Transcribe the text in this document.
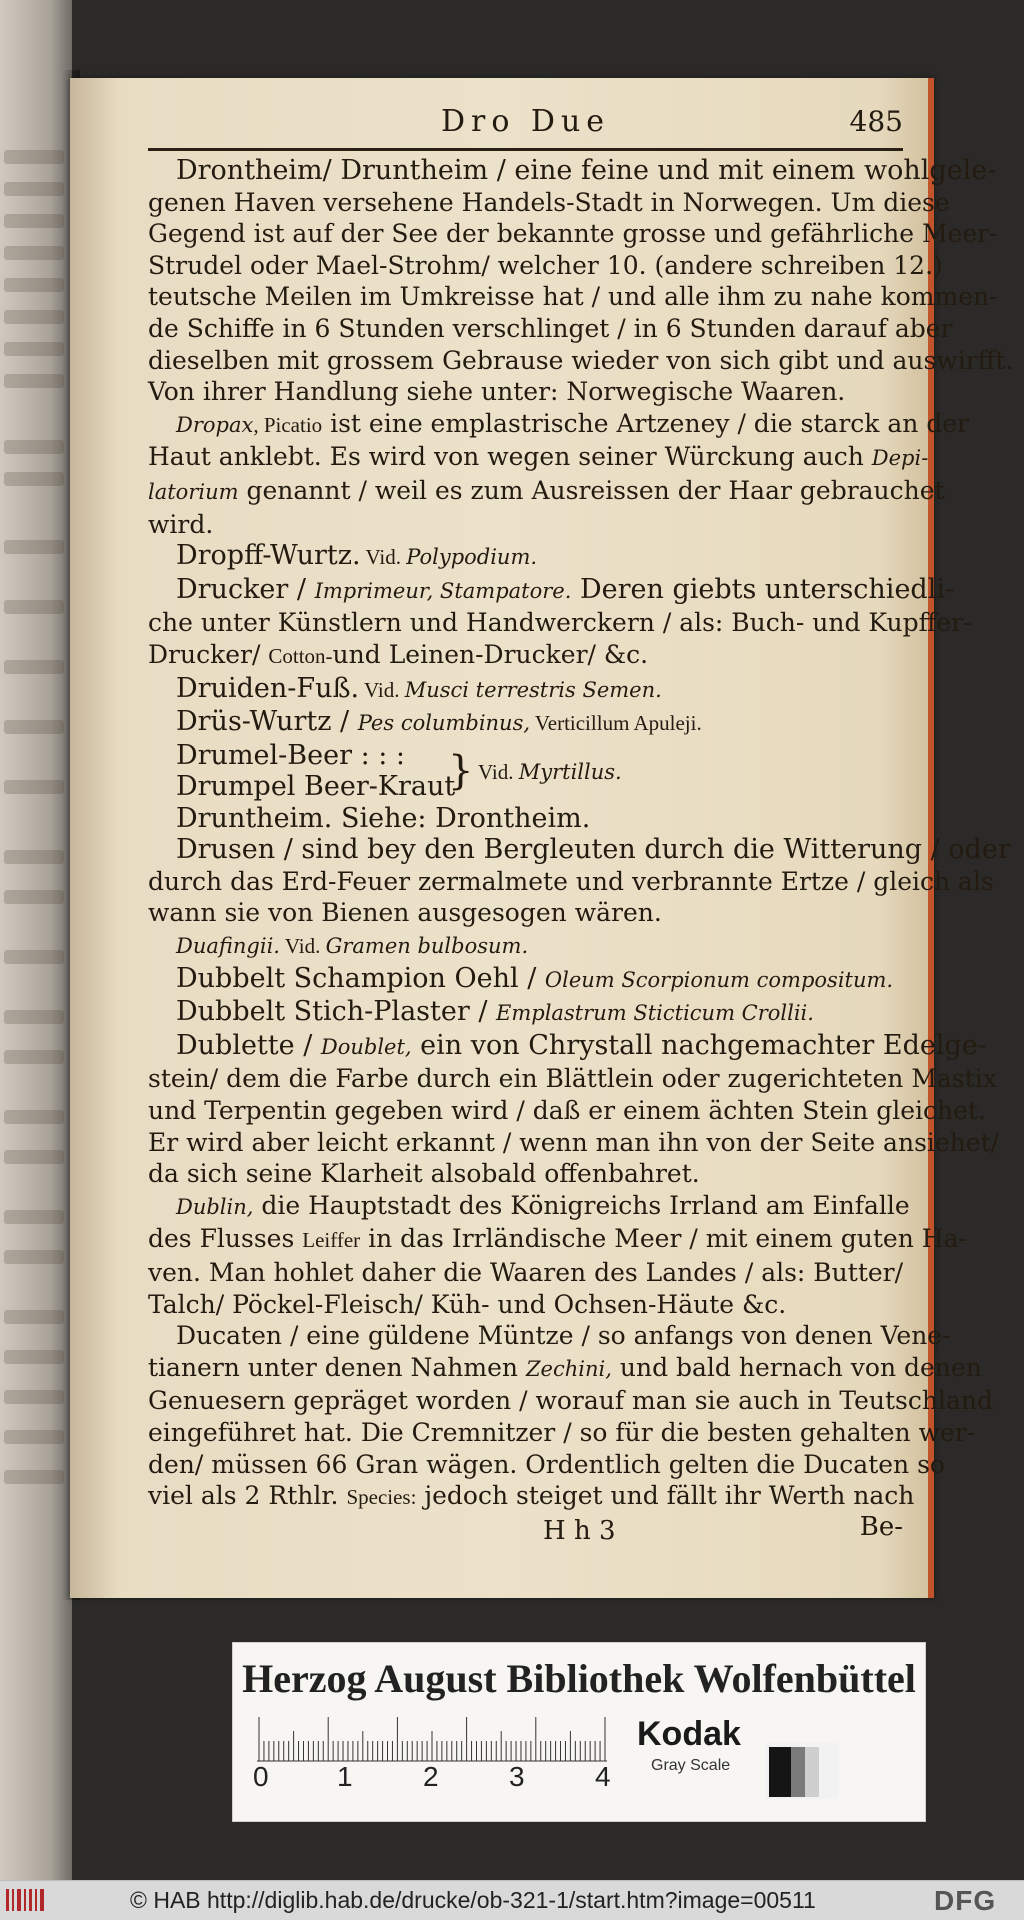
Dro Due	485
Drontheim/ Druntheim / eine feine und mit einem wohlgele-
genen Haven versehene Handels-Stadt in Norwegen. Um diese
Gegend ist auf der See der bekannte grosse und gefährliche Meer-
Strudel oder Mael-Strohm/ welcher 10. (andere schreiben 12.)
teutsche Meilen im Umkreisse hat / und alle ihm zu nahe kommen-
de Schiffe in 6 Stunden verschlinget / in 6 Stunden darauf aber
dieselben mit grossem Gebrause wieder von sich gibt und auswirfft.
Von ihrer Handlung siehe unter: Norwegische Waaren.
Dropax, Picatio ist eine emplastrische Artzeney / die starck an der
Haut anklebt. Es wird von wegen seiner Würckung auch Depi-
latorium genannt / weil es zum Ausreissen der Haar gebrauchet
wird.
Dropff-Wurtz. Vid. Polypodium.
Drucker / Imprimeur, Stampatore. Deren giebts unterschiedli-
che unter Künstlern und Handwerckern / als: Buch- und Kupffer-
Drucker/ Cotton-und Leinen-Drucker/ &c.
Druiden-Fuß. Vid. Musci terrestris Semen.
Drüs-Wurtz / Pes columbinus, Verticillum Apuleji.
Drumel-Beer : : :
Drumpel Beer-Kraut
} Vid. Myrtillus.
Druntheim. Siehe: Drontheim.
Drusen / sind bey den Bergleuten durch die Witterung / oder
durch das Erd-Feuer zermalmete und verbrannte Ertze / gleich als
wann sie von Bienen ausgesogen wären.
Duafingii. Vid. Gramen bulbosum.
Dubbelt Schampion Oehl / Oleum Scorpionum compositum.
Dubbelt Stich-Plaster / Emplastrum Sticticum Crollii.
Dublette / Doublet, ein von Chrystall nachgemachter Edelge-
stein/ dem die Farbe durch ein Blättlein oder zugerichteten Mastix
und Terpentin gegeben wird / daß er einem ächten Stein gleichet.
Er wird aber leicht erkannt / wenn man ihn von der Seite ansiehet/
da sich seine Klarheit alsobald offenbahret.
Dublin, die Hauptstadt des Königreichs Irrland am Einfalle
des Flusses Leiffer in das Irrländische Meer / mit einem guten Ha-
ven. Man hohlet daher die Waaren des Landes / als: Butter/
Talch/ Pöckel-Fleisch/ Küh- und Ochsen-Häute &c.
Ducaten / eine güldene Müntze / so anfangs von denen Vene-
tianern unter denen Nahmen Zechini, und bald hernach von denen
Genuesern gepräget worden / worauf man sie auch in Teutschland
eingeführet hat. Die Cremnitzer / so für die besten gehalten wer-
den/ müssen 66 Gran wägen. Ordentlich gelten die Ducaten so
viel als 2 Rthlr. Species: jedoch steiget und fällt ihr Werth nach
H h 3	Be-
Herzog August Bibliothek Wolfenbüttel
0 1	2	3	4
Kodak
Gray Scale
© HAB http://diglib.hab.de/drucke/ob-321-1/start.htm?image=00511	DFG
